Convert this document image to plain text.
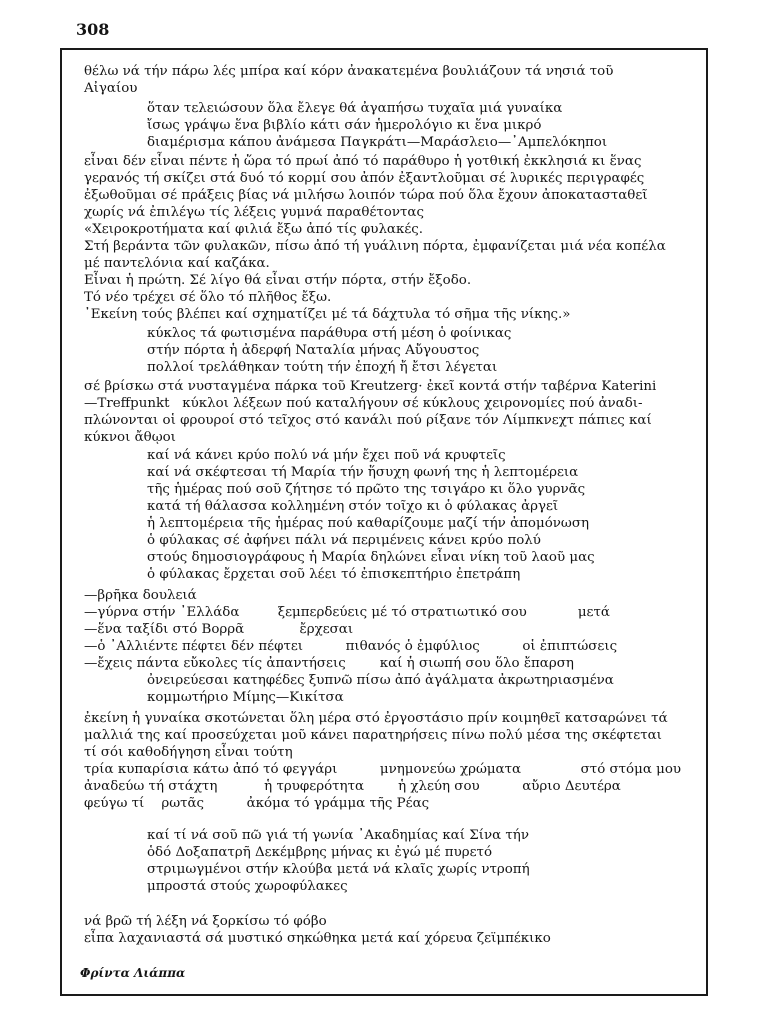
308
θέλω νά τήν πάρω λές μπίρα καί κόρν ἀνακατεμένα βουλιάζουν τά νησιά τοῦ
Αἰγαίου
ὅταν τελειώσουν ὅλα ἔλεγε θά ἀγαπήσω τυχαῖα μιά γυναίκα
ἴσως γράψω ἕνα βιβλίο κάτι σάν ἡμερολόγιο κι ἕνα μικρό
διαμέρισμα κάπου ἀνάμεσα Παγκράτι—Μαράσλειο—᾽Αμπελόκηποι
εἶναι δέν εἶναι πέντε ἡ ὥρα τό πρωί ἀπό τό παράθυρο ἡ γοτθική ἐκκλησιά κι ἕνας
γερανός τή σκίζει στά δυό τό κορμί σου ἀπόν ἐξαντλοῦμαι σέ λυρικές περιγραφές
ἐξωθοῦμαι σέ πράξεις βίας νά μιλήσω λοιπόν τώρα πού ὅλα ἔχουν ἀποκατασταθεῖ
χωρίς νά ἐπιλέγω τίς λέξεις γυμνά παραθέτοντας
«Χειροκροτήματα καί φιλιά ἔξω ἀπό τίς φυλακές.
Στή βεράντα τῶν φυλακῶν, πίσω ἀπό τή γυάλινη πόρτα, ἐμφανίζεται μιά νέα κοπέλα
μέ παντελόνια καί καζάκα.
Εἶναι ἡ πρώτη. Σέ λίγο θά εἶναι στήν πόρτα, στήν ἔξοδο.
Τό νέο τρέχει σέ ὅλο τό πλῆθος ἔξω.
᾽Εκείνη τούς βλέπει καί σχηματίζει μέ τά δάχτυλα τό σῆμα τῆς νίκης.»
κύκλος τά φωτισμένα παράθυρα στή μέση ὁ φοίνικας
στήν πόρτα ἡ ἀδερφή Ναταλία μήνας Αὔγουστος
πολλοί τρελάθηκαν τούτη τήν ἐποχή ἤ ἔτσι λέγεται
σέ βρίσκω στά νυσταγμένα πάρκα τοῦ Kreutzerg· ἐκεῖ κοντά στήν ταβέρνα Katerini
—Treffpunkt   κύκλοι λέξεων πού καταλήγουν σέ κύκλους χειρονομίες πού ἀναδι-
πλώνονται οἱ φρουροί στό τεῖχος στό κανάλι πού ρίξανε τόν Λίμπκνεχτ πάπιες καί
κύκνοι ἄθῳοι
καί νά κάνει κρύο πολύ νά μήν ἔχει ποῦ νά κρυφτεῖς
καί νά σκέφτεσαι τή Μαρία τήν ἥσυχη φωνή της ἡ λεπτομέρεια
τῆς ἡμέρας πού σοῦ ζήτησε τό πρῶτο της τσιγάρο κι ὅλο γυρνᾶς
κατά τή θάλασσα κολλημένη στόν τοῖχο κι ὁ φύλακας ἀργεῖ
ἡ λεπτομέρεια τῆς ἡμέρας πού καθαρίζουμε μαζί τήν ἀπομόνωση
ὁ φύλακας σέ ἀφήνει πάλι νά περιμένεις κάνει κρύο πολύ
στούς δημοσιογράφους ἡ Μαρία δηλώνει εἶναι νίκη τοῦ λαοῦ μας
ὁ φύλακας ἔρχεται σοῦ λέει τό ἐπισκεπτήριο ἐπετράπη
—βρῆκα δουλειά
—γύρνα στήν ᾽Ελλάδα         ξεμπερδεύεις μέ τό στρατιωτικό σου            μετά
—ἕνα ταξίδι στό Βορρᾶ             ἔρχεσαι
—ὁ ᾽Αλλιέντε πέφτει δέν πέφτει          πιθανός ὁ ἐμφύλιος          οἱ ἐπιπτώσεις
—ἔχεις πάντα εὔκολες τίς ἀπαντήσεις        καί ἡ σιωπή σου ὅλο ἔπαρση
ὀνειρεύεσαι κατηφέδες ξυπνῶ πίσω ἀπό ἀγάλματα ἀκρωτηριασμένα
κομμωτήριο Μίμης—Κικίτσα
ἐκείνη ἡ γυναίκα σκοτώνεται ὅλη μέρα στό ἐργοστάσιο πρίν κοιμηθεῖ κατσαρώνει τά
μαλλιά της καί προσεύχεται μοῦ κάνει παρατηρήσεις πίνω πολύ μέσα της σκέφτεται
τί σόι καθοδήγηση εἶναι τούτη
τρία κυπαρίσια κάτω ἀπό τό φεγγάρι          μνημονεύω χρώματα              στό στόμα μου
ἀναδεύω τή στάχτη           ἡ τρυφερότητα        ἡ χλεύη σου          αὔριο Δευτέρα
φεύγω τί    ρωτᾶς          ἀκόμα τό γράμμα τῆς Ρέας
καί τί νά σοῦ πῶ γιά τή γωνία ᾽Ακαδημίας καί Σίνα τήν
ὁδό Δοξαπατρῆ Δεκέμβρης μήνας κι ἐγώ μέ πυρετό
στριμωγμένοι στήν κλούβα μετά νά κλαῖς χωρίς ντροπή
μπροστά στούς χωροφύλακες
νά βρῶ τή λέξη νά ξορκίσω τό φόβο
εἶπα λαχανιαστά σά μυστικό σηκώθηκα μετά καί χόρευα ζεϊμπέκικο
Φρίντα Λιάππα
